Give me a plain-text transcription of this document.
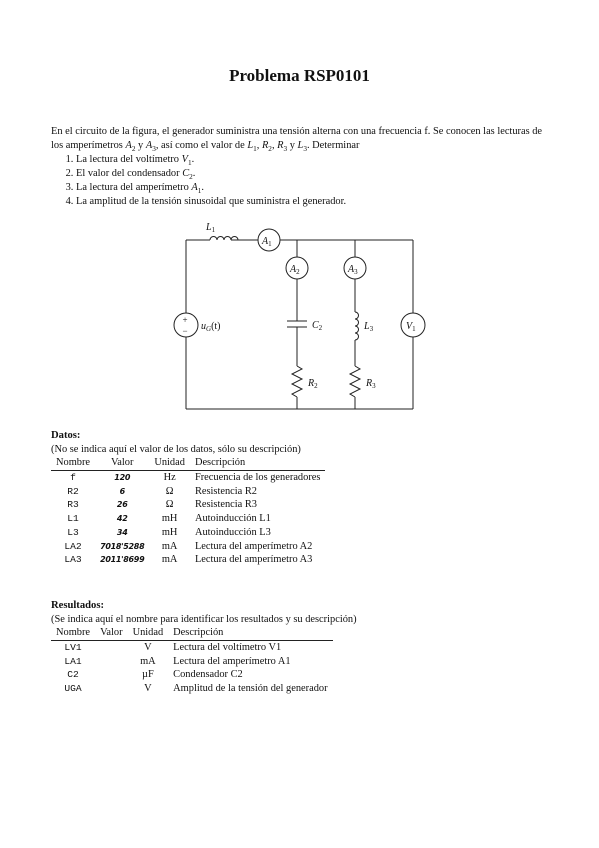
Problema RSP0101

En el circuito de la figura, el generador suministra una tensión alterna con una frecuencia f. Se conocen las lecturas de los amperímetros $A_2$ y $A_3$, así como el valor de $L_1$, $R_2$, $R_3$ y $L_3$. Determinar

1. La lectura del voltímetro $V_1$.
2. El valor del condensador $C_2$.
3. La lectura del amperímetro $A_1$.
4. La amplitud de la tensión sinusoidal que suministra el generador.
$L_1$
$A_1$
$A_2$	$A_3$
$V_1$
$C_2$	$L_3$
$R_2$	$R_3$
$u_G(t)$
+
−
Datos:

(No se indica aquí el valor de los datos, sólo su descripción)

Nombre	Valor	Unidad	Descripción
f	120	Hz	Frecuencia de los generadores
R2	6	Ω	Resistencia R2
R3	26	Ω	Resistencia R3
L1	42	mH	Autoinducción L1
L3	34	mH	Autoinducción L3
LA2	7018'5288	mA	Lectura del amperímetro A2
LA3	2011'8699	mA	Lectura del amperímetro A3
Resultados:

(Se indica aquí el nombre para identificar los resultados y su descripción)

Nombre	Valor	Unidad	Descripción
LV1		V	Lectura del voltímetro V1
LA1		mA	Lectura del amperímetro A1
C2		µF	Condensador C2
UGA		V	Amplitud de la tensión del generador
